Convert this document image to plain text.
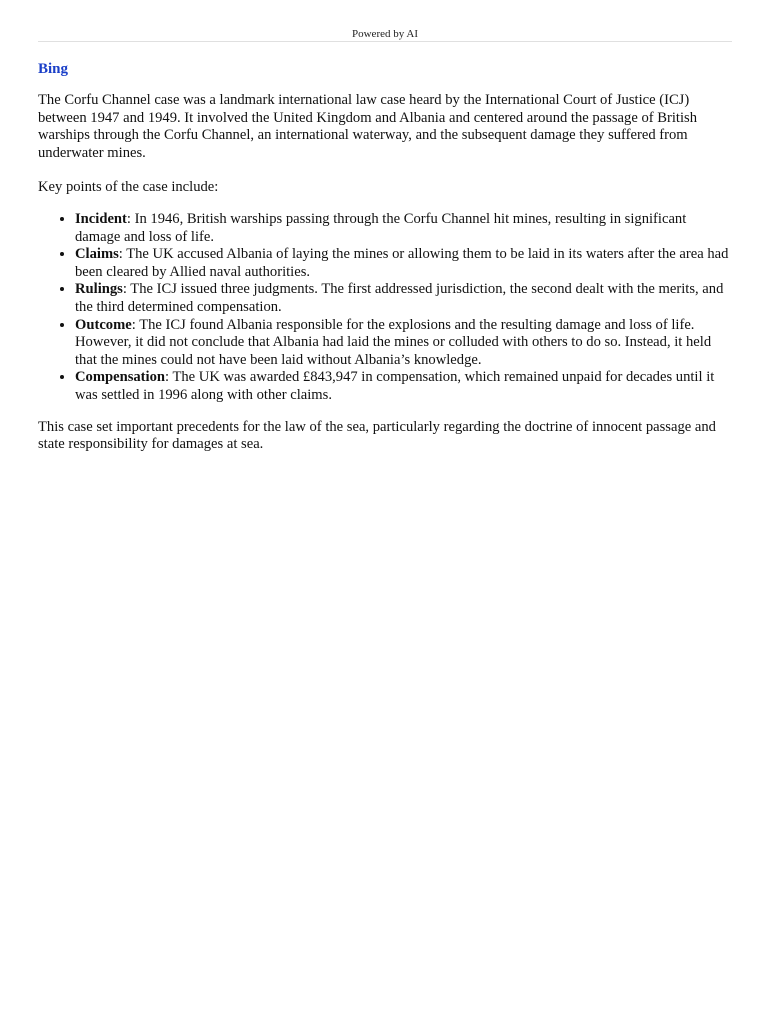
Powered by AI
Bing

The Corfu Channel case was a landmark international law case heard by the International Court of Justice (ICJ) between 1947 and 1949. It involved the United Kingdom and Albania and centered around the passage of British warships through the Corfu Channel, an international waterway, and the subsequent damage they suffered from underwater mines.

Key points of the case include:

• Incident: In 1946, British warships passing through the Corfu Channel hit mines, resulting in significant damage and loss of life.
• Claims: The UK accused Albania of laying the mines or allowing them to be laid in its waters after the area had been cleared by Allied naval authorities.
• Rulings: The ICJ issued three judgments. The first addressed jurisdiction, the second dealt with the merits, and the third determined compensation.
• Outcome: The ICJ found Albania responsible for the explosions and the resulting damage and loss of life. However, it did not conclude that Albania had laid the mines or colluded with others to do so. Instead, it held that the mines could not have been laid without Albania’s knowledge.
• Compensation: The UK was awarded £843,947 in compensation, which remained unpaid for decades until it was settled in 1996 along with other claims.

This case set important precedents for the law of the sea, particularly regarding the doctrine of innocent passage and state responsibility for damages at sea.
